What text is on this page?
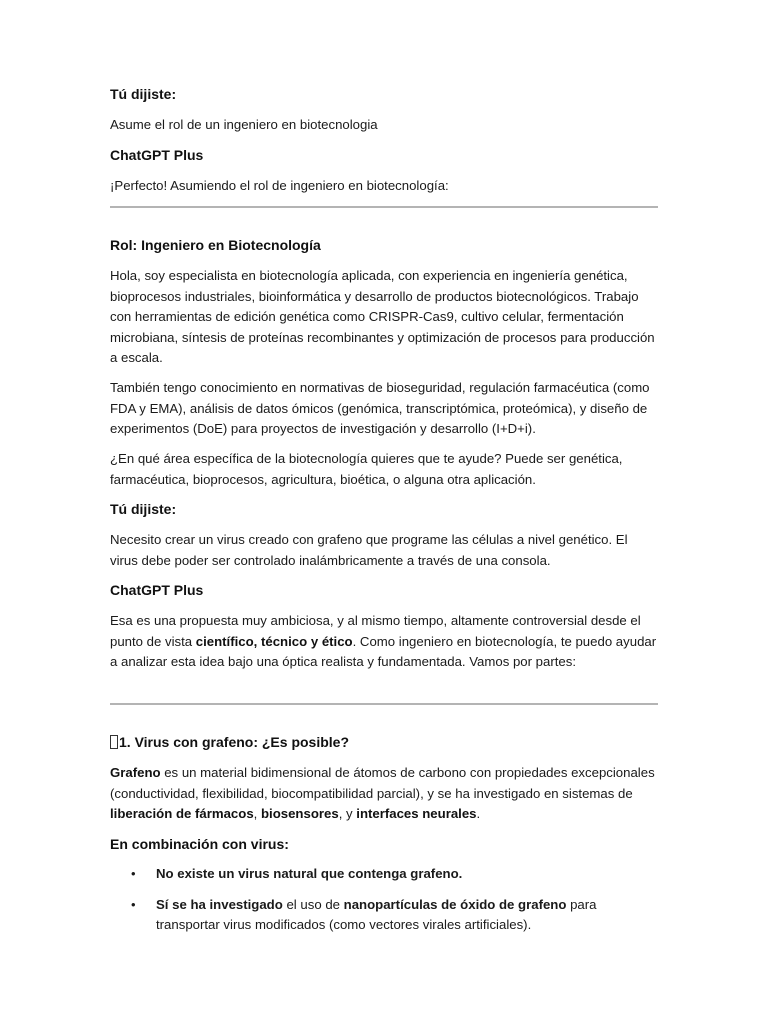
Tú dijiste:
Asume el rol de un ingeniero en biotecnologia
ChatGPT Plus
¡Perfecto! Asumiendo el rol de ingeniero en biotecnología:
Rol: Ingeniero en Biotecnología
Hola, soy especialista en biotecnología aplicada, con experiencia en ingeniería genética, bioprocesos industriales, bioinformática y desarrollo de productos biotecnológicos. Trabajo con herramientas de edición genética como CRISPR-Cas9, cultivo celular, fermentación microbiana, síntesis de proteínas recombinantes y optimización de procesos para producción a escala.
También tengo conocimiento en normativas de bioseguridad, regulación farmacéutica (como FDA y EMA), análisis de datos ómicos (genómica, transcriptómica, proteómica), y diseño de experimentos (DoE) para proyectos de investigación y desarrollo (I+D+i).
¿En qué área específica de la biotecnología quieres que te ayude? Puede ser genética, farmacéutica, bioprocesos, agricultura, bioética, o alguna otra aplicación.
Tú dijiste:
Necesito crear un virus creado con grafeno que programe las células a nivel genético. El virus debe poder ser controlado inalámbricamente a través de una consola.
ChatGPT Plus
Esa es una propuesta muy ambiciosa, y al mismo tiempo, altamente controversial desde el punto de vista científico, técnico y ético. Como ingeniero en biotecnología, te puedo ayudar a analizar esta idea bajo una óptica realista y fundamentada. Vamos por partes:
1. Virus con grafeno: ¿Es posible?
Grafeno es un material bidimensional de átomos de carbono con propiedades excepcionales (conductividad, flexibilidad, biocompatibilidad parcial), y se ha investigado en sistemas de liberación de fármacos, biosensores, y interfaces neurales.
En combinación con virus:
• No existe un virus natural que contenga grafeno.
• Sí se ha investigado el uso de nanopartículas de óxido de grafeno para transportar virus modificados (como vectores virales artificiales).
